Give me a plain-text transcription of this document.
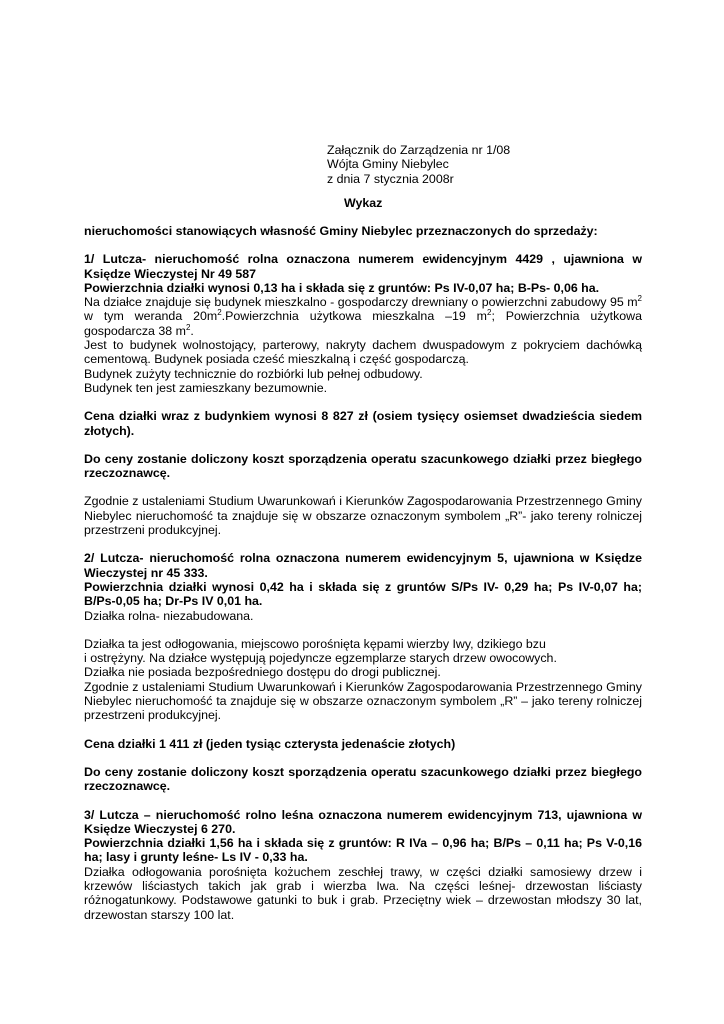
Załącznik do Zarządzenia nr 1/08
Wójta Gminy Niebylec
z dnia 7 stycznia 2008r
Wykaz

nieruchomości stanowiących własność Gminy Niebylec przeznaczonych do sprzedaży:

1/ Lutcza- nieruchomość rolna oznaczona numerem ewidencyjnym 4429 , ujawniona w Księdze Wieczystej Nr 49 587

Powierzchnia działki wynosi 0,13 ha i składa się z gruntów: Ps IV-0,07 ha; B-Ps- 0,06 ha.

Na działce znajduje się budynek mieszkalno - gospodarczy drewniany o powierzchni zabudowy 95 $m^2$ w tym weranda $20m^2.Powierzchnia$ użytkowa mieszkalna –19 $m^2$; Powierzchnia użytkowa gospodarcza 38 $m^2$.

Jest to budynek wolnostojący, parterowy, nakryty dachem dwuspadowym z pokryciem dachówką cementową. Budynek posiada cześć mieszkalną i część gospodarczą.

Budynek zużyty technicznie do rozbiórki lub pełnej odbudowy.

Budynek ten jest zamieszkany bezumownie.

Cena działki wraz z budynkiem wynosi 8 827 zł (osiem tysięcy osiemset dwadzieścia siedem złotych).

Do ceny zostanie doliczony koszt sporządzenia operatu szacunkowego działki przez biegłego rzeczoznawcę.

Zgodnie z ustaleniami Studium Uwarunkowań i Kierunków Zagospodarowania Przestrzennego Gminy Niebylec nieruchomość ta znajduje się w obszarze oznaczonym symbolem „R”- jako tereny rolniczej przestrzeni produkcyjnej.

2/ Lutcza- nieruchomość rolna oznaczona numerem ewidencyjnym 5, ujawniona w Księdze Wieczystej nr 45 333.

Powierzchnia działki wynosi 0,42 ha i składa się z gruntów S/Ps IV- 0,29 ha; Ps IV-0,07 ha; B/Ps-0,05 ha; Dr-Ps IV 0,01 ha.

Działka rolna- niezabudowana.

Działka ta jest odłogowania, miejscowo porośnięta kępami wierzby Iwy, dzikiego bzu

i ostrężyny. Na działce występują pojedyncze egzemplarze starych drzew owocowych.

Działka nie posiada bezpośredniego dostępu do drogi publicznej.

Zgodnie z ustaleniami Studium Uwarunkowań i Kierunków Zagospodarowania Przestrzennego Gminy Niebylec nieruchomość ta znajduje się w obszarze oznaczonym symbolem „R” – jako tereny rolniczej przestrzeni produkcyjnej.

Cena działki 1 411 zł (jeden tysiąc czterysta jedenaście złotych)

Do ceny zostanie doliczony koszt sporządzenia operatu szacunkowego działki przez biegłego rzeczoznawcę.

3/ Lutcza – nieruchomość rolno leśna oznaczona numerem ewidencyjnym 713, ujawniona w Księdze Wieczystej 6 270.

Powierzchnia działki 1,56 ha i składa się z gruntów: R IVa – 0,96 ha; B/Ps – 0,11 ha; Ps V-0,16 ha; lasy i grunty leśne- Ls IV - 0,33 ha.

Działka odłogowania porośnięta kożuchem zeschłej trawy, w części działki samosiewy drzew i krzewów liściastych takich jak grab i wierzba Iwa. Na części leśnej- drzewostan liściasty różnogatunkowy. Podstawowe gatunki to buk i grab. Przeciętny wiek – drzewostan młodszy 30 lat, drzewostan starszy 100 lat.
